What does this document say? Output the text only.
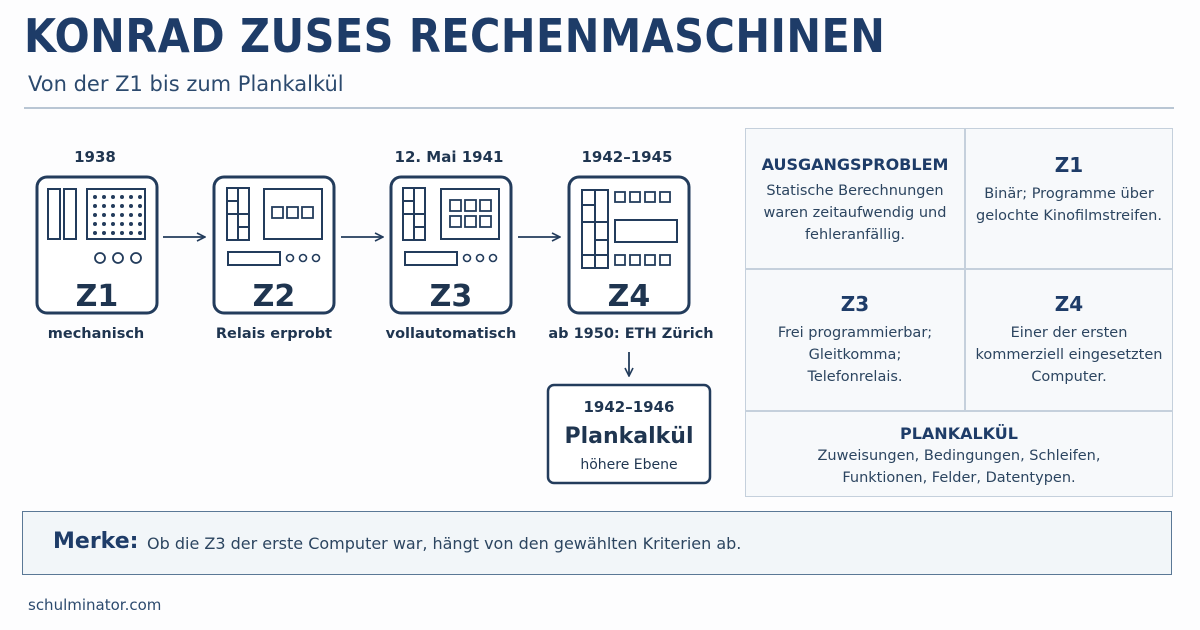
KONRAD ZUSES RECHENMASCHINEN
Von der Z1 bis zum Plankalkül
1938	12. Mai 1941	1942–1945
Z1	Z2	Z3	Z4
mechanisch	Relais erprobt	vollautomatisch ab 1950: ETH Zürich
1942–1946
Plankalkül
höhere Ebene
AUSGANGSPROBLEM
Statische Berechnungen
waren zeitaufwendig und
fehleranfällig.
Z1
Binär; Programme über
gelochte Kinofilmstreifen.
Z3
Frei programmierbar;
Gleitkomma;
Telefonrelais.
Z4
Einer der ersten
kommerziell eingesetzten
Computer.
PLANKALKÜL
Zuweisungen, Bedingungen, Schleifen,
Funktionen, Felder, Datentypen.
Merke: Ob die Z3 der erste Computer war, hängt von den gewählten Kriterien ab.
schulminator.com
